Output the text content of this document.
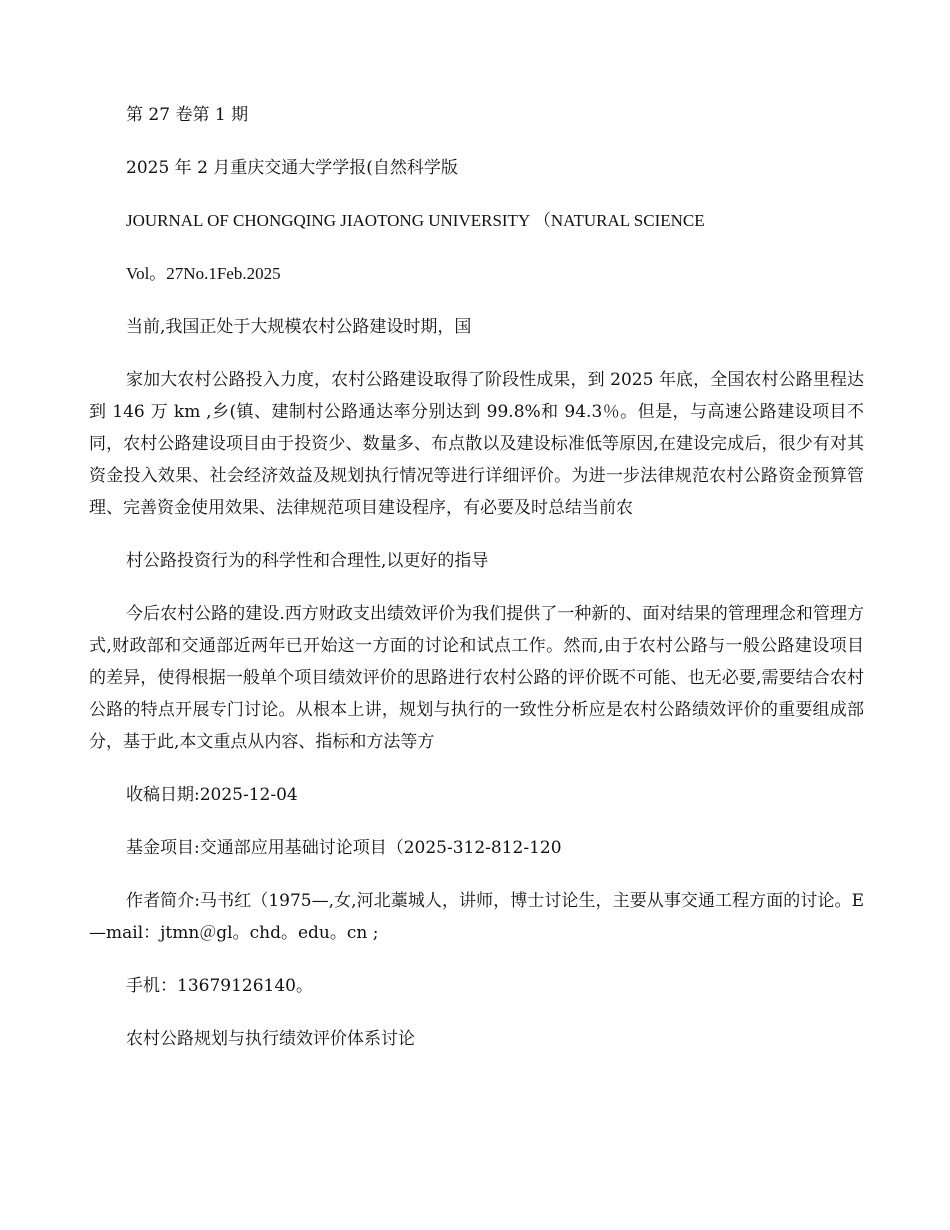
第 27 卷第 1 期

2025 年 2 月重庆交通大学学报(自然科学版

JOURNAL OF CHONGQING JIAOTONG UNIVERSITY （NATURAL SCIENCE

Vol。27No.1Feb.2025

当前,我国正处于大规模农村公路建设时期，国

家加大农村公路投入力度，农村公路建设取得了阶段性成果，到 2025 年底，全国农村公路里程达到 146 万 km ,乡(镇、建制村公路通达率分别达到 99.8%和 94.3％。但是，与高速公路建设项目不同，农村公路建设项目由于投资少、数量多、布点散以及建设标准低等原因,在建设完成后，很少有对其资金投入效果、社会经济效益及规划执行情况等进行详细评价。为进一步法律规范农村公路资金预算管理、完善资金使用效果、法律规范项目建设程序，有必要及时总结当前农

村公路投资行为的科学性和合理性,以更好的指导

今后农村公路的建设.西方财政支出绩效评价为我们提供了一种新的、面对结果的管理理念和管理方式,财政部和交通部近两年已开始这一方面的讨论和试点工作。然而,由于农村公路与一般公路建设项目的差异，使得根据一般单个项目绩效评价的思路进行农村公路的评价既不可能、也无必要,需要结合农村公路的特点开展专门讨论。从根本上讲，规划与执行的一致性分析应是农村公路绩效评价的重要组成部分，基于此,本文重点从内容、指标和方法等方

收稿日期:2025-12-04

基金项目:交通部应用基础讨论项目（2025-312-812-120

作者简介:马书红（1975—,女,河北藁城人，讲师，博士讨论生，主要从事交通工程方面的讨论。E—mail：jtmn＠gl。chd。edu。cn ;

手机：13679126140。

农村公路规划与执行绩效评价体系讨论
